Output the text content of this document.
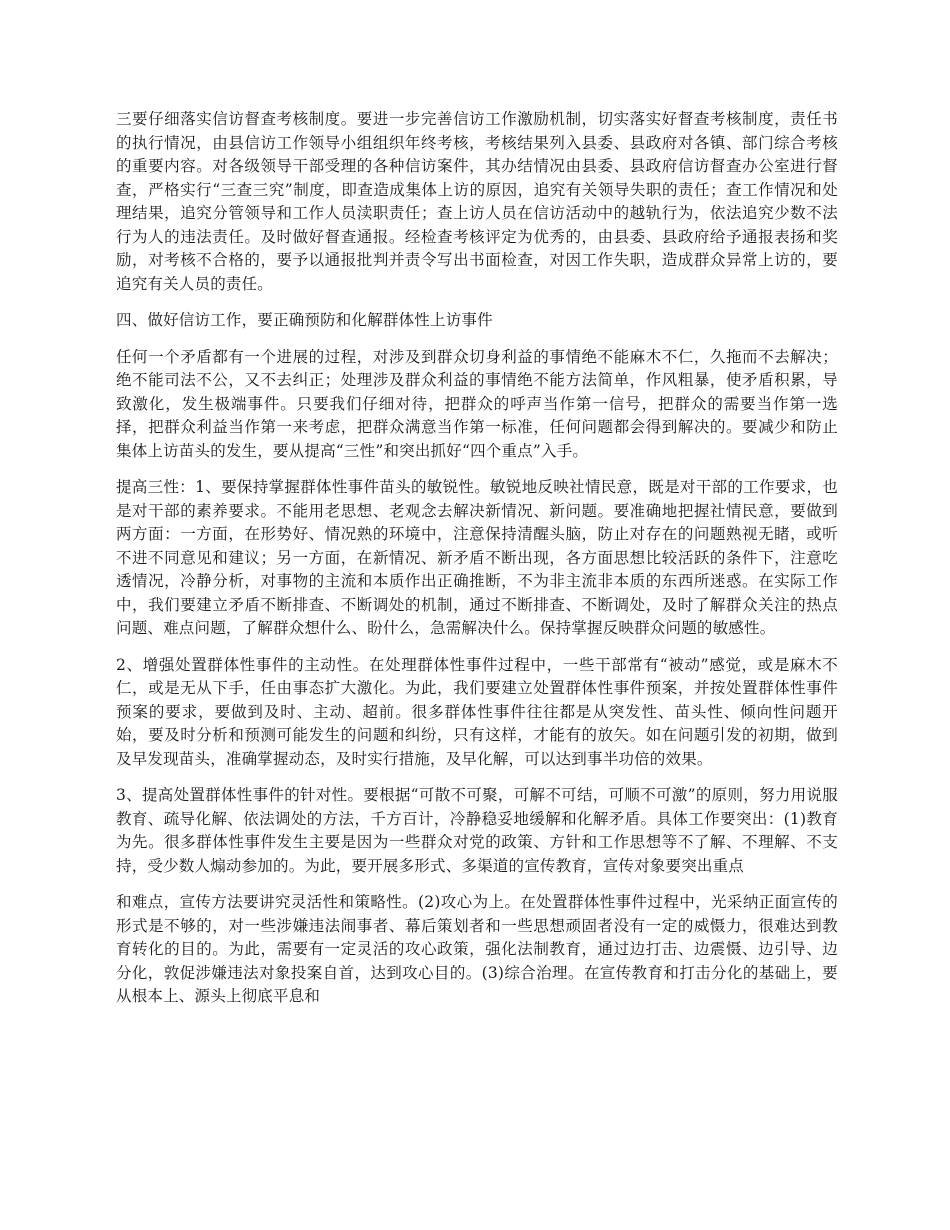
三要仔细落实信访督查考核制度。要进一步完善信访工作激励机制，切实落实好督查考核制度，责任书的执行情况，由县信访工作领导小组组织年终考核，考核结果列入县委、县政府对各镇、部门综合考核的重要内容。对各级领导干部受理的各种信访案件，其办结情况由县委、县政府信访督查办公室进行督查，严格实行“三查三究”制度，即查造成集体上访的原因，追究有关领导失职的责任；查工作情况和处理结果，追究分管领导和工作人员渎职责任；查上访人员在信访活动中的越轨行为，依法追究少数不法行为人的违法责任。及时做好督查通报。经检查考核评定为优秀的，由县委、县政府给予通报表扬和奖励，对考核不合格的，要予以通报批判并责令写出书面检查，对因工作失职，造成群众异常上访的，要追究有关人员的责任。

四、做好信访工作，要正确预防和化解群体性上访事件

任何一个矛盾都有一个进展的过程，对涉及到群众切身利益的事情绝不能麻木不仁，久拖而不去解决；绝不能司法不公，又不去纠正；处理涉及群众利益的事情绝不能方法简单，作风粗暴，使矛盾积累，导致激化，发生极端事件。只要我们仔细对待，把群众的呼声当作第一信号，把群众的需要当作第一选择，把群众利益当作第一来考虑，把群众满意当作第一标准，任何问题都会得到解决的。要减少和防止集体上访苗头的发生，要从提高“三性”和突出抓好“四个重点”入手。

提高三性：1、要保持掌握群体性事件苗头的敏锐性。敏锐地反映社情民意，既是对干部的工作要求，也是对干部的素养要求。不能用老思想、老观念去解决新情况、新问题。要准确地把握社情民意，要做到两方面：一方面，在形势好、情况熟的环境中，注意保持清醒头脑，防止对存在的问题熟视无睹，或听不进不同意见和建议；另一方面，在新情况、新矛盾不断出现，各方面思想比较活跃的条件下，注意吃透情况，冷静分析，对事物的主流和本质作出正确推断，不为非主流非本质的东西所迷惑。在实际工作中，我们要建立矛盾不断排查、不断调处的机制，通过不断排查、不断调处，及时了解群众关注的热点问题、难点问题，了解群众想什么、盼什么，急需解决什么。保持掌握反映群众问题的敏感性。

2、增强处置群体性事件的主动性。在处理群体性事件过程中，一些干部常有“被动”感觉，或是麻木不仁，或是无从下手，任由事态扩大激化。为此，我们要建立处置群体性事件预案，并按处置群体性事件预案的要求，要做到及时、主动、超前。很多群体性事件往往都是从突发性、苗头性、倾向性问题开始，要及时分析和预测可能发生的问题和纠纷，只有这样，才能有的放矢。如在问题引发的初期，做到及早发现苗头，准确掌握动态，及时实行措施，及早化解，可以达到事半功倍的效果。

3、提高处置群体性事件的针对性。要根据“可散不可聚，可解不可结，可顺不可激”的原则，努力用说服教育、疏导化解、依法调处的方法，千方百计，冷静稳妥地缓解和化解矛盾。具体工作要突出：(1)教育为先。很多群体性事件发生主要是因为一些群众对党的政策、方针和工作思想等不了解、不理解、不支持，受少数人煽动参加的。为此，要开展多形式、多渠道的宣传教育，宣传对象要突出重点

和难点，宣传方法要讲究灵活性和策略性。(2)攻心为上。在处置群体性事件过程中，光采纳正面宣传的形式是不够的，对一些涉嫌违法闹事者、幕后策划者和一些思想顽固者没有一定的威慑力，很难达到教育转化的目的。为此，需要有一定灵活的攻心政策，强化法制教育，通过边打击、边震慑、边引导、边分化，敦促涉嫌违法对象投案自首，达到攻心目的。(3)综合治理。在宣传教育和打击分化的基础上，要从根本上、源头上彻底平息和
